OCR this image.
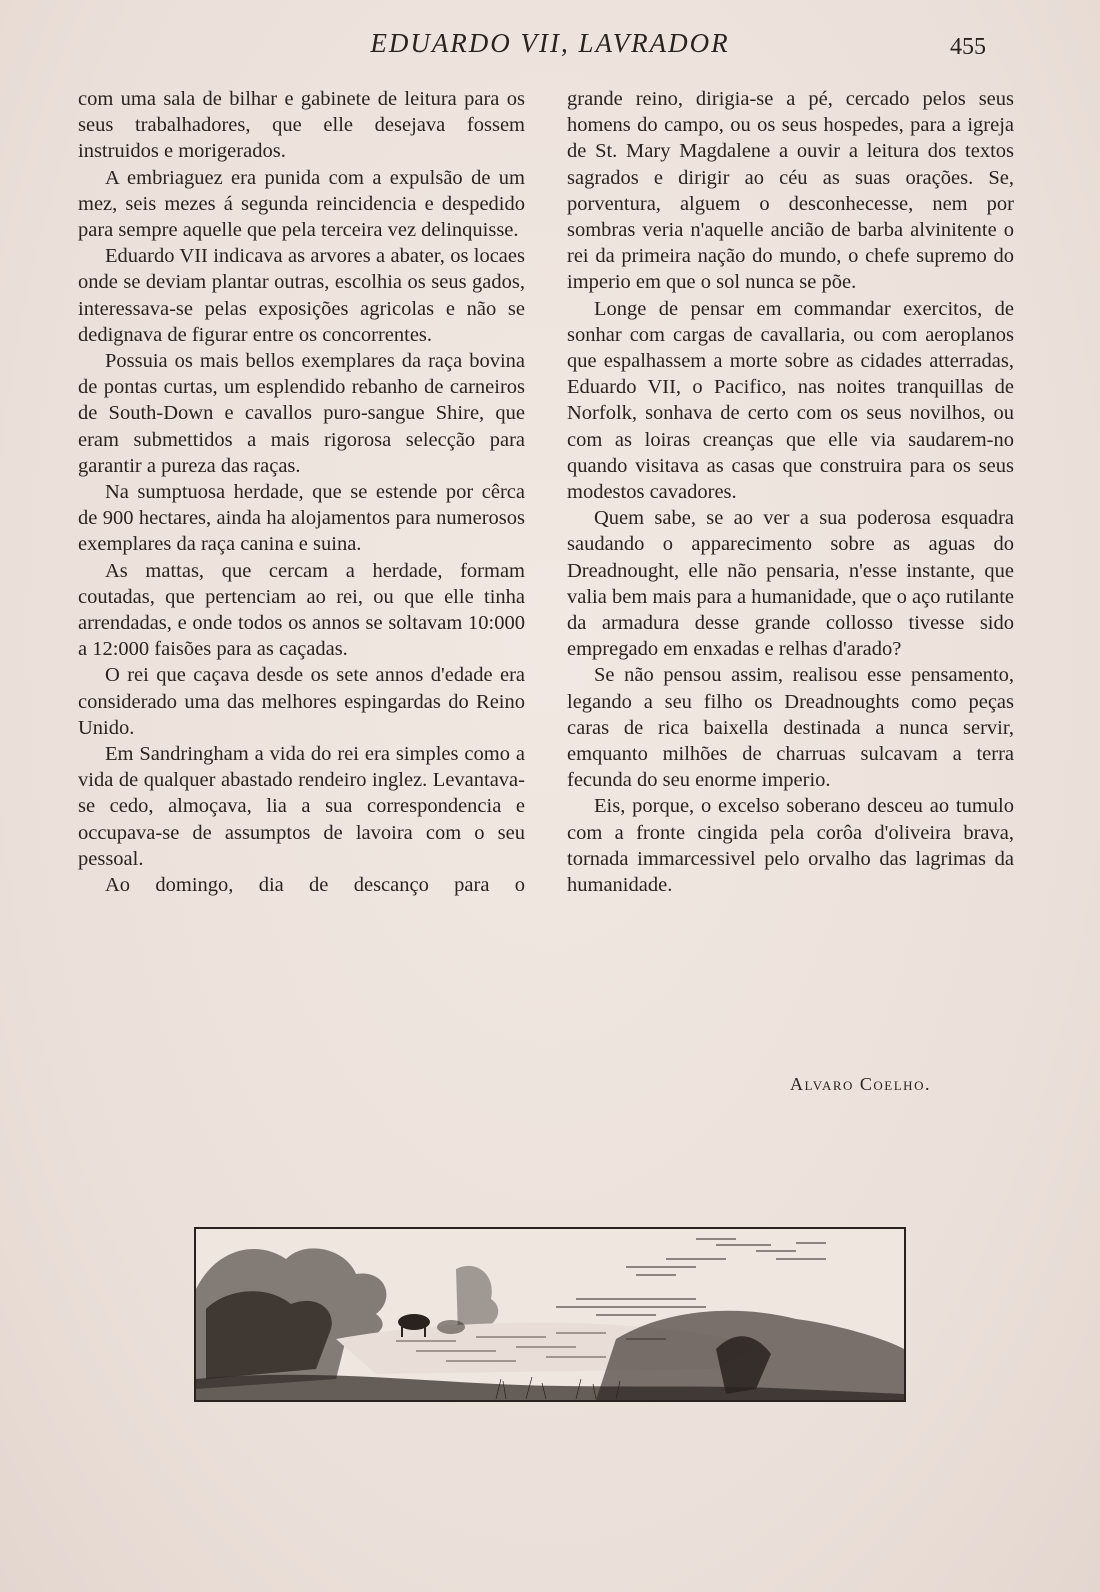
EDUARDO VII, LAVRADOR	455

com uma sala de bilhar e gabinete de leitura para os seus trabalhadores, que elle desejava fossem instruidos e morigerados.

A embriaguez era punida com a expulsão de um mez, seis mezes á segunda reincidencia e despedido para sempre aquelle que pela terceira vez delinquisse.

Eduardo VII indicava as arvores a abater, os locaes onde se deviam plantar outras, escolhia os seus gados, interessava-se pelas exposições agricolas e não se dedignava de figurar entre os concorrentes.

Possuia os mais bellos exemplares da raça bovina de pontas curtas, um esplendido rebanho de carneiros de South-Down e cavallos puro-sangue Shire, que eram submettidos a mais rigorosa selecção para garantir a pureza das raças.

Na sumptuosa herdade, que se estende por cêrca de 900 hectares, ainda ha alojamentos para numerosos exemplares da raça canina e suina.

As mattas, que cercam a herdade, formam coutadas, que pertenciam ao rei, ou que elle tinha arrendadas, e onde todos os annos se soltavam 10:000 a 12:000 faisões para as caçadas.

O rei que caçava desde os sete annos d'edade era considerado uma das melhores espingardas do Reino Unido.

Em Sandringham a vida do rei era simples como a vida de qualquer abastado rendeiro inglez. Levantava-se cedo, almoçava, lia a sua correspondencia e occupava-se de assumptos de lavoira com o seu pessoal.

Ao domingo, dia de descanço para o

grande reino, dirigia-se a pé, cercado pelos seus homens do campo, ou os seus hospedes, para a igreja de St. Mary Magdalene a ouvir a leitura dos textos sagrados e dirigir ao céu as suas orações. Se, porventura, alguem o desconhecesse, nem por sombras veria n'aquelle ancião de barba alvinitente o rei da primeira nação do mundo, o chefe supremo do imperio em que o sol nunca se põe.

Longe de pensar em commandar exercitos, de sonhar com cargas de cavallaria, ou com aeroplanos que espalhassem a morte sobre as cidades atterradas, Eduardo VII, o Pacifico, nas noites tranquillas de Norfolk, sonhava de certo com os seus novilhos, ou com as loiras creanças que elle via saudarem-no quando visitava as casas que construira para os seus modestos cavadores.

Quem sabe, se ao ver a sua poderosa esquadra saudando o apparecimento sobre as aguas do Dreadnought, elle não pensaria, n'esse instante, que valia bem mais para a humanidade, que o aço rutilante da armadura desse grande collosso tivesse sido empregado em enxadas e relhas d'arado?

Se não pensou assim, realisou esse pensamento, legando a seu filho os Dreadnoughts como peças caras de rica baixella destinada a nunca servir, emquanto milhões de charruas sulcavam a terra fecunda do seu enorme imperio.

Eis, porque, o excelso soberano desceu ao tumulo com a fronte cingida pela corôa d'oliveira brava, tornada immarcessivel pelo orvalho das lagrimas da humanidade.

Alvaro Coelho.
